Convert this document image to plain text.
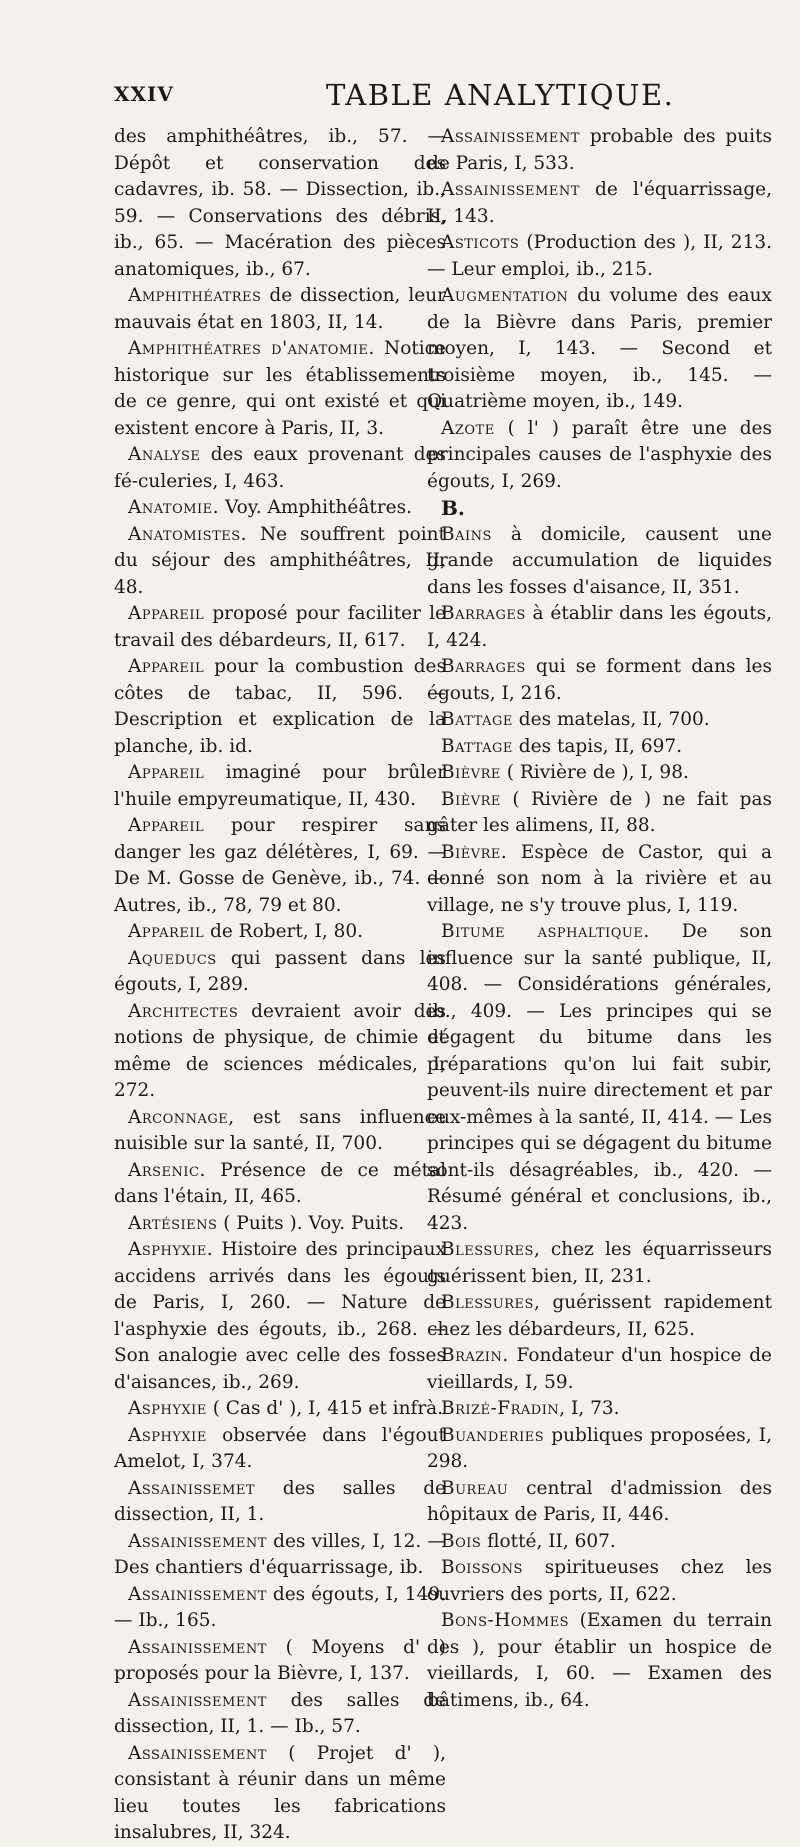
XXIV	TABLE ANALYTIQUE.

des amphithéâtres, ib., 57. — Dépôt et conservation des cadavres, ib. 58. — Dissection, ib., 59. — Conservations des débris, ib., 65. — Macération des pièces anatomiques, ib., 67.

Amphithéatres de dissection, leur mauvais état en 1803, II, 14.

Amphithéatres d'anatomie. Notice historique sur les établissements de ce genre, qui ont existé et qui existent encore à Paris, II, 3.

Analyse des eaux provenant des fé-culeries, I, 463.

Anatomie. Voy. Amphithéâtres.

Anatomistes. Ne souffrent point du séjour des amphithéâtres, II, 48.

Appareil proposé pour faciliter le travail des débardeurs, II, 617.

Appareil pour la combustion des côtes de tabac, II, 596. — Description et explication de la planche, ib. id.

Appareil imaginé pour brûler l'huile empyreumatique, II, 430.

Appareil pour respirer sans danger les gaz délétères, I, 69. — De M. Gosse de Genève, ib., 74. — Autres, ib., 78, 79 et 80.

Appareil de Robert, I, 80.

Aqueducs qui passent dans les égouts, I, 289.

Architectes devraient avoir des notions de physique, de chimie et même de sciences médicales, I, 272.

Arconnage, est sans influence nuisible sur la santé, II, 700.

Arsenic. Présence de ce métal dans l'étain, II, 465.

Artésiens ( Puits ). Voy. Puits.

Asphyxie. Histoire des principaux accidens arrivés dans les égouts de Paris, I, 260. — Nature de l'asphyxie des égouts, ib., 268. — Son analogie avec celle des fosses d'aisances, ib., 269.

Asphyxie ( Cas d' ), I, 415 et infrà.

Asphyxie observée dans l'égout Amelot, I, 374.

Assainissemet des salles de dissection, II, 1.

Assainissement des villes, I, 12. — Des chantiers d'équarrissage, ib.

Assainissement des égouts, I, 149. — Ib., 165.

Assainissement ( Moyens d' ) proposés pour la Bièvre, I, 137.

Assainissement des salles de dissection, II, 1. — Ib., 57.

Assainissement ( Projet d' ), consistant à réunir dans un même lieu toutes les fabrications insalubres, II, 324.

Assainissement probable des puits de Paris, I, 533.

Assainissement de l'équarrissage, II, 143.

Asticots (Production des ), II, 213. — Leur emploi, ib., 215.

Augmentation du volume des eaux de la Bièvre dans Paris, premier moyen, I, 143. — Second et troisième moyen, ib., 145. — Quatrième moyen, ib., 149.

Azote ( l' ) paraît être une des principales causes de l'asphyxie des égouts, I, 269.

B.

Bains à domicile, causent une grande accumulation de liquides dans les fosses d'aisance, II, 351.

Barrages à établir dans les égouts, I, 424.

Barrages qui se forment dans les égouts, I, 216.

Battage des matelas, II, 700.

Battage des tapis, II, 697.

Bièvre ( Rivière de ), I, 98.

Bièvre ( Rivière de ) ne fait pas gâter les alimens, II, 88.

Bièvre. Espèce de Castor, qui a donné son nom à la rivière et au village, ne s'y trouve plus, I, 119.

Bitume asphaltique. De son influence sur la santé publique, II, 408. — Considérations générales, ib., 409. — Les principes qui se dégagent du bitume dans les préparations qu'on lui fait subir, peuvent-ils nuire directement et par eux-mêmes à la santé, II, 414. — Les principes qui se dégagent du bitume sont-ils désagréables, ib., 420. — Résumé général et conclusions, ib., 423.

Blessures, chez les équarrisseurs guérissent bien, II, 231.

Blessures, guérissent rapidement chez les débardeurs, II, 625.

Brazin. Fondateur d'un hospice de vieillards, I, 59.

Brizé-Fradin, I, 73.

Buanderies publiques proposées, I, 298.

Bureau central d'admission des hôpitaux de Paris, II, 446.

Bois flotté, II, 607.

Boissons spiritueuses chez les ouvriers des ports, II, 622.

Bons-Hommes (Examen du terrain des ), pour établir un hospice de vieillards, I, 60. — Examen des bâtimens, ib., 64.
